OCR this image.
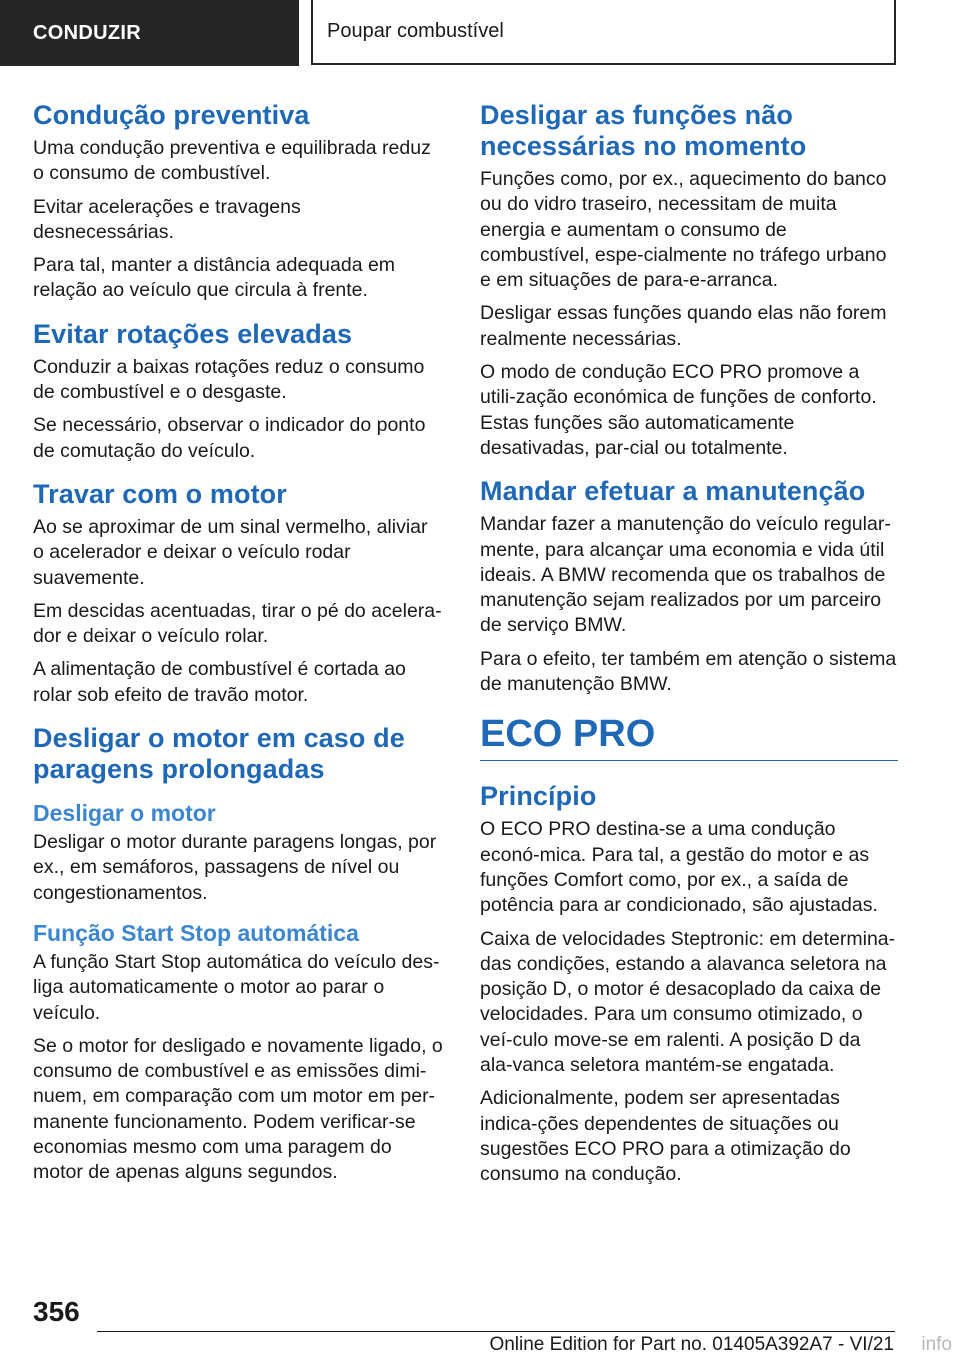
CONDUZIR	Poupar combustível
Condução preventiva

Uma condução preventiva e equilibrada reduz o consumo de combustível.

Evitar acelerações e travagens desnecessárias.

Para tal, manter a distância adequada em relação ao veículo que circula à frente.

Evitar rotações elevadas

Conduzir a baixas rotações reduz o consumo de combustível e o desgaste.

Se necessário, observar o indicador do ponto de comutação do veículo.

Travar com o motor

Ao se aproximar de um sinal vermelho, aliviar o acelerador e deixar o veículo rodar suavemente.

Em descidas acentuadas, tirar o pé do acelera-dor e deixar o veículo rolar.

A alimentação de combustível é cortada ao rolar sob efeito de travão motor.

Desligar o motor em caso de paragens prolongadas
Desligar o motor

Desligar o motor durante paragens longas, por ex., em semáforos, passagens de nível ou congestionamentos.

Função Start Stop automática

A função Start Stop automática do veículo des-liga automaticamente o motor ao parar o veículo.

Se o motor for desligado e novamente ligado, o consumo de combustível e as emissões dimi-nuem, em comparação com um motor em per-manente funcionamento. Podem verificar-se economias mesmo com uma paragem do motor de apenas alguns segundos.

Desligar as funções não necessárias no momento

Funções como, por ex., aquecimento do banco ou do vidro traseiro, necessitam de muita energia e aumentam o consumo de combustível, espe-cialmente no tráfego urbano e em situações de para-e-arranca.

Desligar essas funções quando elas não forem realmente necessárias.

O modo de condução ECO PRO promove a utili-zação económica de funções de conforto. Estas funções são automaticamente desativadas, par-cial ou totalmente.

Mandar efetuar a manutenção

Mandar fazer a manutenção do veículo regular-mente, para alcançar uma economia e vida útil ideais. A BMW recomenda que os trabalhos de manutenção sejam realizados por um parceiro de serviço BMW.

Para o efeito, ter também em atenção o sistema de manutenção BMW.

ECO PRO
Princípio

O ECO PRO destina-se a uma condução econó-mica. Para tal, a gestão do motor e as funções Comfort como, por ex., a saída de potência para ar condicionado, são ajustadas.

Caixa de velocidades Steptronic: em determina-das condições, estando a alavanca seletora na posição D, o motor é desacoplado da caixa de velocidades. Para um consumo otimizado, o veí-culo move-se em ralenti. A posição D da ala-vanca seletora mantém-se engatada.

Adicionalmente, podem ser apresentadas indica-ções dependentes de situações ou sugestões ECO PRO para a otimização do consumo na condução.

356
Online Edition for Part no. 01405A392A7 - VI/21 info
